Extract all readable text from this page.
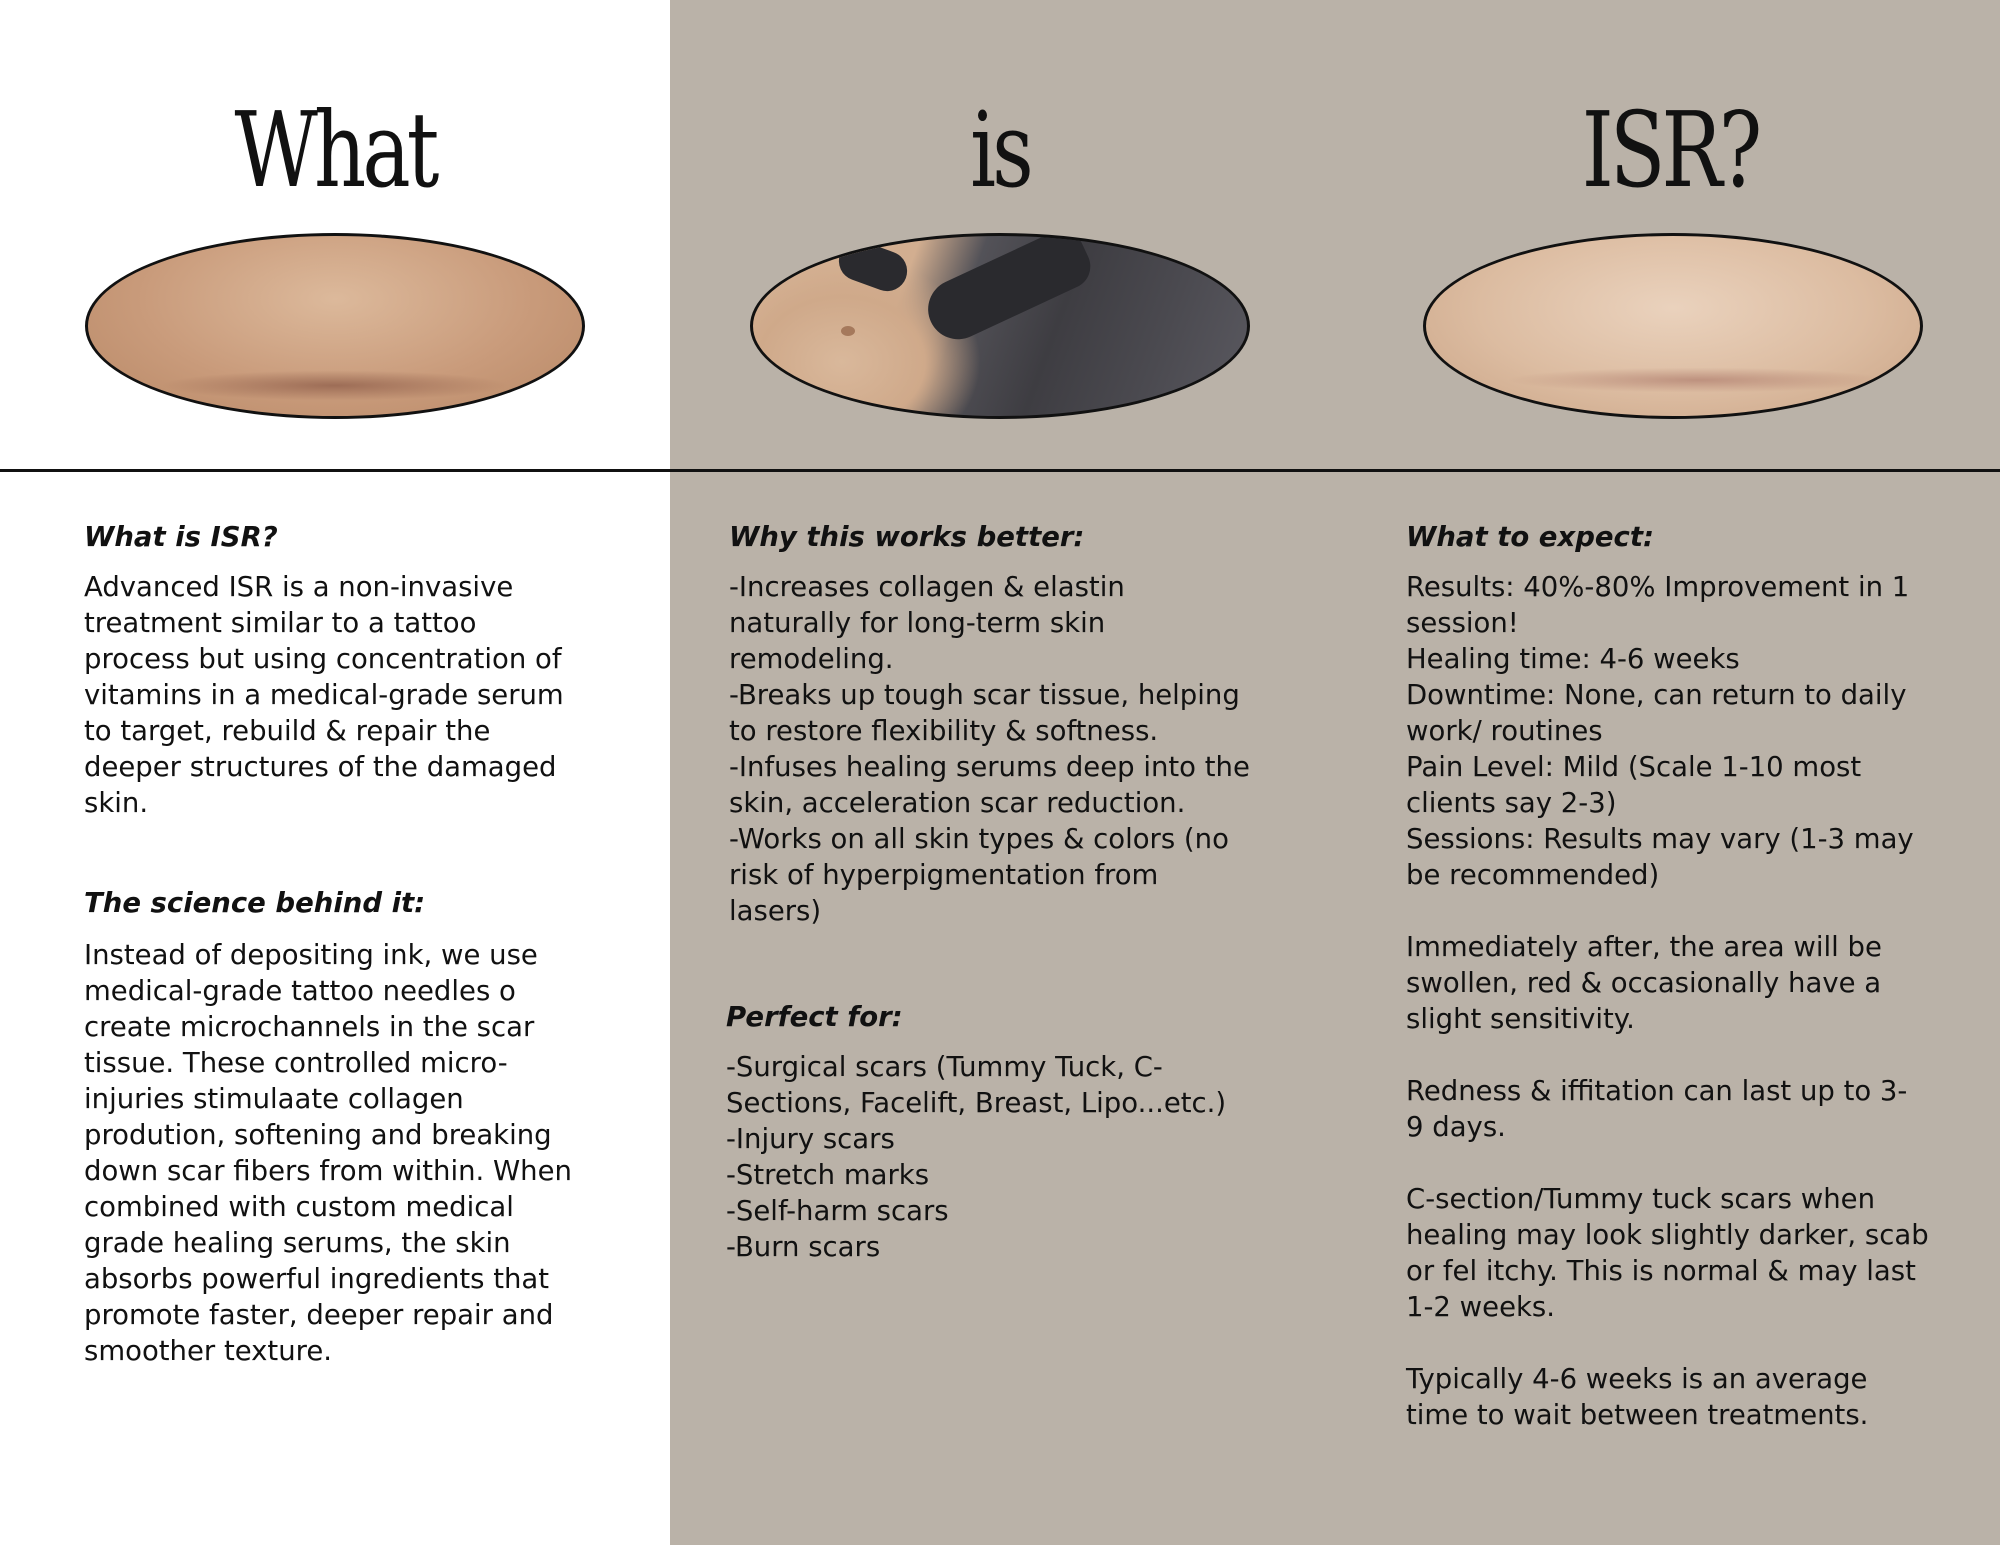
What	is	ISR?
What is ISR?
Advanced ISR is a non-invasive
treatment similar to a tattoo
process but using concentration of
vitamins in a medical-grade serum
to target, rebuild & repair the
deeper structures of the damaged
skin.
The science behind it:
Instead of depositing ink, we use
medical-grade tattoo needles o
create microchannels in the scar
tissue. These controlled micro-
injuries stimulaate collagen
prodution, softening and breaking
down scar fibers from within. When
combined with custom medical
grade healing serums, the skin
absorbs powerful ingredients that
promote faster, deeper repair and
smoother texture.
Why this works better:
-Increases collagen & elastin
naturally for long-term skin
remodeling.
-Breaks up tough scar tissue, helping
to restore flexibility & softness.
-Infuses healing serums deep into the
skin, acceleration scar reduction.
-Works on all skin types & colors (no
risk of hyperpigmentation from
lasers)
Perfect for:
-Surgical scars (Tummy Tuck, C-
Sections, Facelift, Breast, Lipo...etc.)
-Injury scars
-Stretch marks
-Self-harm scars
-Burn scars
What to expect:
Results: 40%-80% Improvement in 1
session!
Healing time: 4-6 weeks
Downtime: None, can return to daily
work/ routines
Pain Level: Mild (Scale 1-10 most
clients say 2-3)
Sessions: Results may vary (1-3 may
be recommended)
Immediately after, the area will be
swollen, red & occasionally have a
slight sensitivity.
Redness & iffitation can last up to 3-
9 days.
C-section/Tummy tuck scars when
healing may look slightly darker, scab
or fel itchy. This is normal & may last
1-2 weeks.
Typically 4-6 weeks is an average
time to wait between treatments.
